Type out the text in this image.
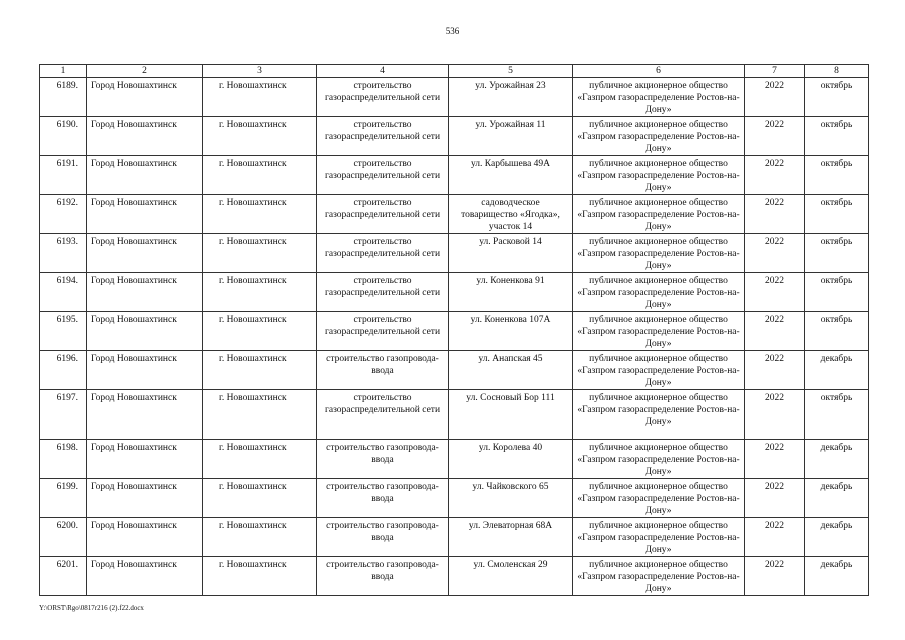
536
1	2	3	4	5	6	7	8
6189.	Город Новошахтинск	г. Новошахтинск	строительство газораспределительной сети	ул. Урожайная 23	публичное акционерное общество «Газпром газораспределение Ростов-на-Дону»	2022	октябрь
6190.	Город Новошахтинск	г. Новошахтинск	строительство газораспределительной сети	ул. Урожайная 11	публичное акционерное общество «Газпром газораспределение Ростов-на-Дону»	2022	октябрь
6191.	Город Новошахтинск	г. Новошахтинск	строительство газораспределительной сети	ул. Карбышева 49А	публичное акционерное общество «Газпром газораспределение Ростов-на-Дону»	2022	октябрь
6192.	Город Новошахтинск	г. Новошахтинск	строительство газораспределительной сети	садоводческое товарищество «Ягодка», участок 14	публичное акционерное общество «Газпром газораспределение Ростов-на-Дону»	2022	октябрь
6193.	Город Новошахтинск	г. Новошахтинск	строительство газораспределительной сети	ул. Расковой 14	публичное акционерное общество «Газпром газораспределение Ростов-на-Дону»	2022	октябрь
6194.	Город Новошахтинск	г. Новошахтинск	строительство газораспределительной сети	ул. Коненкова 91	публичное акционерное общество «Газпром газораспределение Ростов-на-Дону»	2022	октябрь
6195.	Город Новошахтинск	г. Новошахтинск	строительство газораспределительной сети	ул. Коненкова 107А	публичное акционерное общество «Газпром газораспределение Ростов-на-Дону»	2022	октябрь
6196.	Город Новошахтинск	г. Новошахтинск	строительство газопровода-ввода	ул. Анапская 45	публичное акционерное общество «Газпром газораспределение Ростов-на-Дону»	2022	декабрь
6197.	Город Новошахтинск	г. Новошахтинск	строительство газораспределительной сети	ул. Сосновый Бор 111	публичное акционерное общество «Газпром газораспределение Ростов-на-Дону»	2022	октябрь
6198.	Город Новошахтинск	г. Новошахтинск	строительство газопровода-ввода	ул. Королева 40	публичное акционерное общество «Газпром газораспределение Ростов-на-Дону»	2022	декабрь
6199.	Город Новошахтинск	г. Новошахтинск	строительство газопровода-ввода	ул. Чайковского 65	публичное акционерное общество «Газпром газораспределение Ростов-на-Дону»	2022	декабрь
6200.	Город Новошахтинск	г. Новошахтинск	строительство газопровода-ввода	ул. Элеваторная 68А	публичное акционерное общество «Газпром газораспределение Ростов-на-Дону»	2022	декабрь
6201.	Город Новошахтинск	г. Новошахтинск	строительство газопровода-ввода	ул. Смоленская 29	публичное акционерное общество «Газпром газораспределение Ростов-на-Дону»	2022	декабрь
Y:\ORST\Rgo\0817r216 (2).f22.docx
